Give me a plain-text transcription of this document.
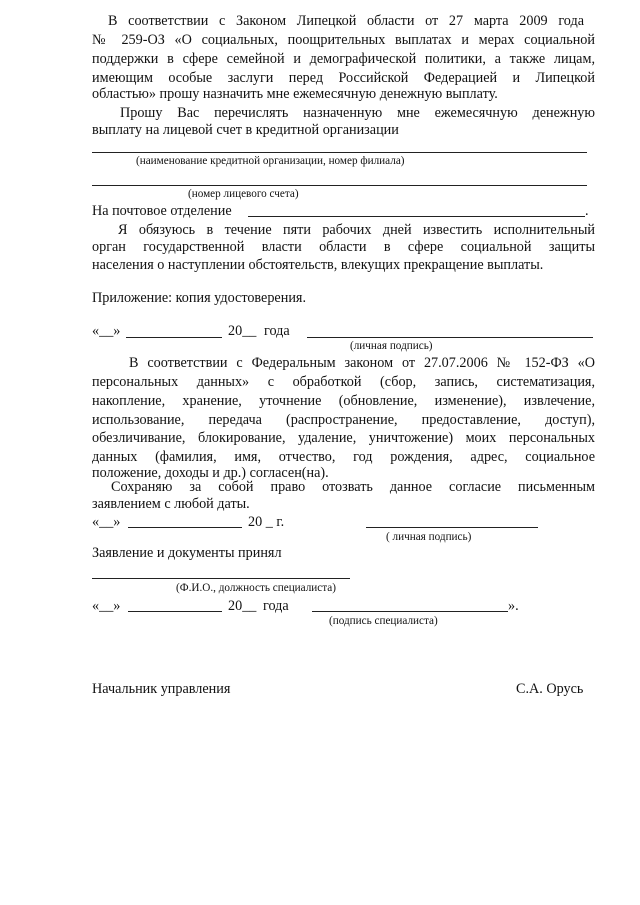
В соответствии с Законом Липецкой области от 27 марта 2009 года

№ 259-ОЗ «О социальных, поощрительных выплатах и мерах социальной

поддержки в сфере семейной и демографической политики, а также лицам,

имеющим особые заслуги перед Российской Федерацией и Липецкой

областью» прошу назначить мне ежемесячную денежную выплату.

Прошу Вас перечислять назначенную мне ежемесячную денежную

выплату на лицевой счет в кредитной организации

(наименование кредитной организации, номер филиала)

(номер лицевого счета)

На почтовое отделение	.

Я обязуюсь в течение пяти рабочих дней известить исполнительный

орган государственной власти области в сфере социальной защиты

населения о наступлении обстоятельств, влекущих прекращение выплаты.

Приложение: копия удостоверения.

«__»	20__ года

(личная подпись)

В соответствии с Федеральным законом от 27.07.2006 № 152-ФЗ «О

персональных данных» с обработкой (сбор, запись, систематизация,

накопление, хранение, уточнение (обновление, изменение), извлечение,

использование, передача (распространение, предоставление, доступ),

обезличивание, блокирование, удаление, уничтожение) моих персональных

данных (фамилия, имя, отчество, год рождения, адрес, социальное

положение, доходы и др.) согласен(на).

Сохраняю за собой право отозвать данное согласие письменным

заявлением с любой даты.

«__»	20 _ г.

( личная подпись)

Заявление и документы принял

(Ф.И.О., должность специалиста)

«__»	20__ года	».

(подпись специалиста)

Начальник управления	С.А. Орусь
